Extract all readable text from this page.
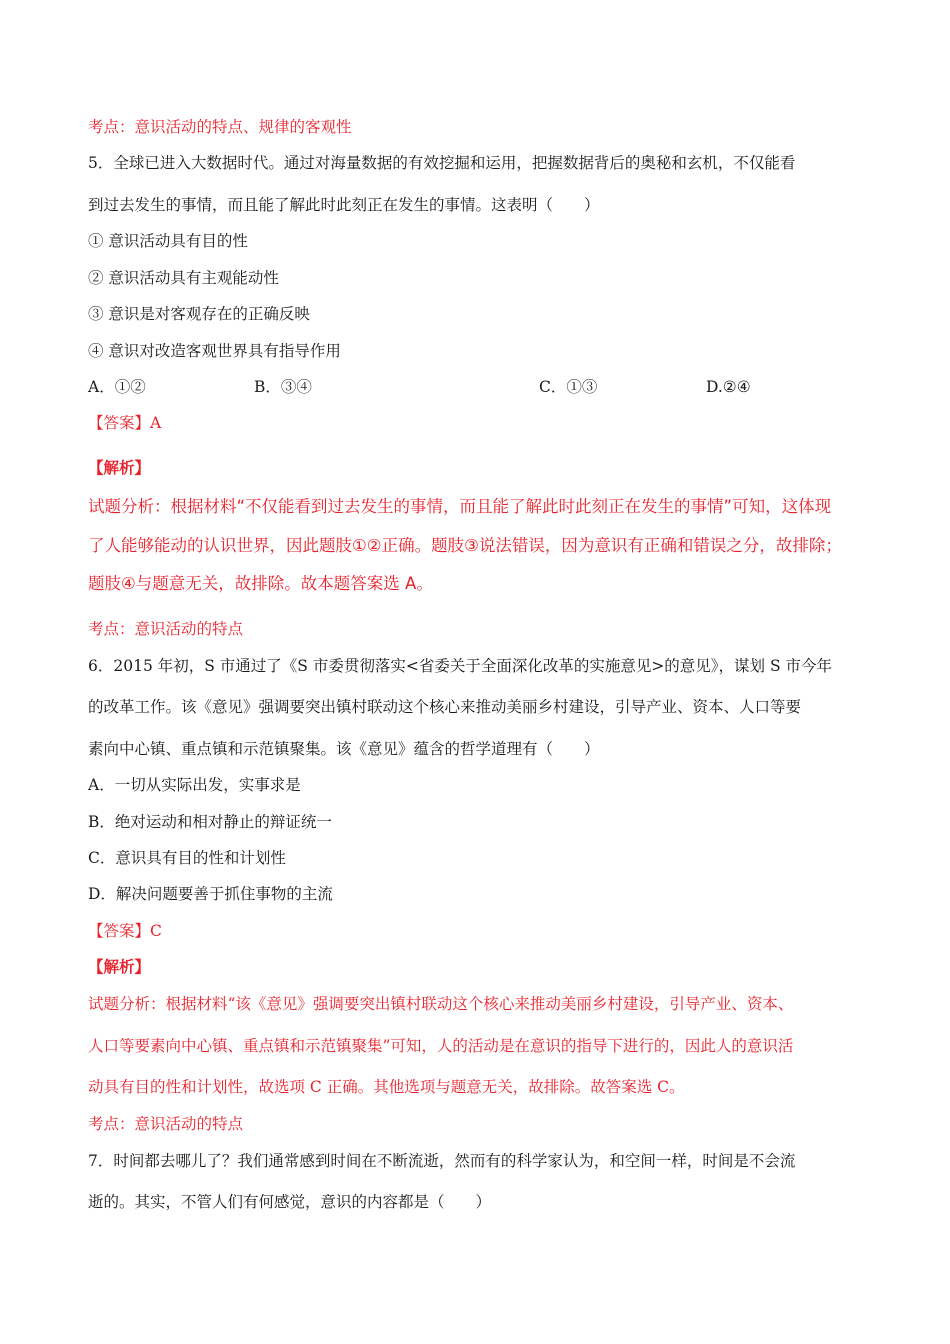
考点：意识活动的特点、规律的客观性
5．全球已进入大数据时代。通过对海量数据的有效挖掘和运用，把握数据背后的奥秘和玄机，不仅能看
到过去发生的事情，而且能了解此时此刻正在发生的事情。这表明（　　）
① 意识活动具有目的性
② 意识活动具有主观能动性
③ 意识是对客观存在的正确反映
④ 意识对改造客观世界具有指导作用
A．①②	B．③④	C．①③	D.②④
【答案】A
【解析】
试题分析：根据材料“不仅能看到过去发生的事情，而且能了解此时此刻正在发生的事情”可知，这体现
了人能够能动的认识世界，因此题肢①②正确。题肢③说法错误，因为意识有正确和错误之分，故排除；
题肢④与题意无关，故排除。故本题答案选 A。
考点：意识活动的特点
6．2015 年初，S 市通过了《S 市委贯彻落实<省委关于全面深化改革的实施意见>的意见》，谋划 S 市今年
的改革工作。该《意见》强调要突出镇村联动这个核心来推动美丽乡村建设，引导产业、资本、人口等要
素向中心镇、重点镇和示范镇聚集。该《意见》蕴含的哲学道理有（　　）
A．一切从实际出发，实事求是
B．绝对运动和相对静止的辩证统一
C．意识具有目的性和计划性
D．解决问题要善于抓住事物的主流
【答案】C
【解析】
试题分析：根据材料“该《意见》强调要突出镇村联动这个核心来推动美丽乡村建设，引导产业、资本、
人口等要素向中心镇、重点镇和示范镇聚集”可知，人的活动是在意识的指导下进行的，因此人的意识活
动具有目的性和计划性，故选项 C 正确。其他选项与题意无关，故排除。故答案选 C。
考点：意识活动的特点
7．时间都去哪儿了？我们通常感到时间在不断流逝，然而有的科学家认为，和空间一样，时间是不会流
逝的。其实，不管人们有何感觉，意识的内容都是（　　）
